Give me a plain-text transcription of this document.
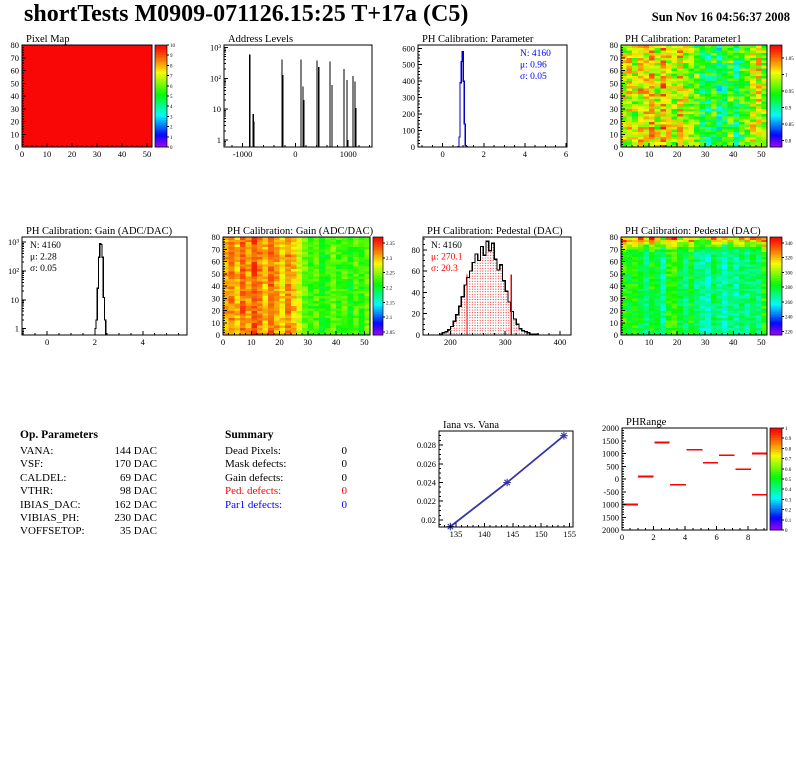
shortTests M0909-071126.15:25 T+17a (C5)	Sun Nov 16 04:56:37 2008
0 10 20 30 40 50
0
10
20
30
40
50
60
70
80 Pixel Map
10
9
8
7
6
5
4
3
2
1
0
-1000	0	1000
1
10
10²
10³
Address Levels
0	2	4	6
0
100
200
300
400
500
600
PH Calibration: Parameter
N: 4160
μ: 0.96
σ: 0.05
0	10 20 30 40 50
0
10
20
30
40
50
60
70
80 PH Calibration: Parameter1
1.05
1
0.95
0.9
0.85
0.8
0	2	4
1
10
10²
10³
PH Calibration: Gain (ADC/DAC)
N: 4160
μ: 2.28
σ: 0.05
0	10 20 30 40 50
0
10
20
30
40
50
60
70
80 PH Calibration: Gain (ADC/DAC)
2.35
2.3
2.25
2.2
2.15
2.1
2.05
200	300	400
0
20
40
60
80
PH Calibration: Pedestal (DAC)
N: 4160
μ: 270.1
σ: 20.3
0	10 20 30 40 50
0
10
20
30
40
50
60
70
80 PH Calibration: Pedestal (DAC)
340
320
300
280
260
240
220
Op. Parameters
VANA:	144 DAC
VSF:	170 DAC
CALDEL:	69 DAC
VTHR:	98 DAC
IBIAS_DAC:	162 DAC
VIBIAS_PH:	230 DAC
VOFFSETOP:	35 DAC
Summary
Dead Pixels:	0
Mask defects:	0
Gain defects:	0
Ped. defects:	0
Par1 defects:	0
135 140 145 150 155
0.02
0.022
0.024
0.026
0.028
Iana vs. Vana
0	2	4	6	8
2000
1500
1000
500
0
-500
1000
1500
2000
PHRange
1
0.9
0.8
0.7
0.6
0.5
0.4
0.3
0.2
0.1
0
